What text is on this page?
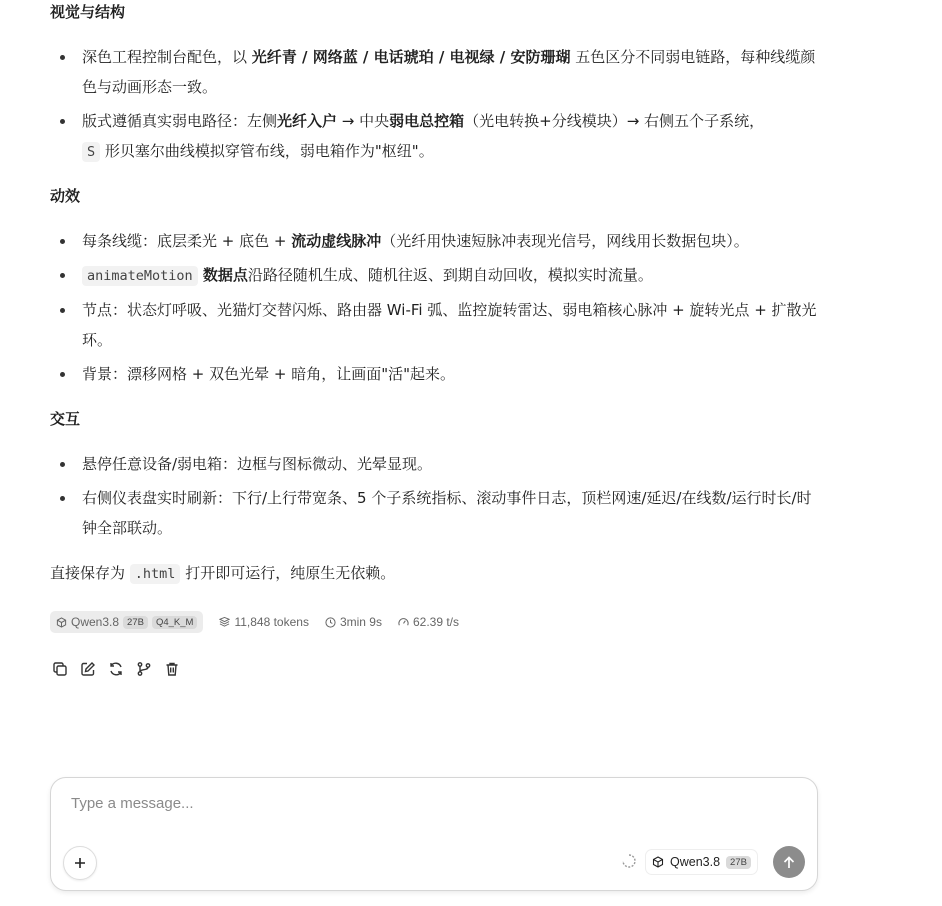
视觉与结构
深色工程控制台配色，以 光纤青 / 网络蓝 / 电话琥珀 / 电视绿 / 安防珊瑚 五色区分不同弱电链路，每种线缆颜色与动画形态一致。
版式遵循真实弱电路径：左侧光纤入户 → 中央弱电总控箱（光电转换+分线模块）→ 右侧五个子系统，
S 形贝塞尔曲线模拟穿管布线，弱电箱作为"枢纽"。
动效
每条线缆：底层柔光 + 底色 + 流动虚线脉冲（光纤用快速短脉冲表现光信号，网线用长数据包块）。
animateMotion 数据点沿路径随机生成、随机往返、到期自动回收，模拟实时流量。
节点：状态灯呼吸、光猫灯交替闪烁、路由器 Wi-Fi 弧、监控旋转雷达、弱电箱核心脉冲 + 旋转光点 + 扩散光环。
背景：漂移网格 + 双色光晕 + 暗角，让画面"活"起来。
交互
悬停任意设备/弱电箱：边框与图标微动、光晕显现。
右侧仪表盘实时刷新：下行/上行带宽条、5 个子系统指标、滚动事件日志，顶栏网速/延迟/在线数/运行时长/时钟全部联动。

直接保存为 .html 打开即可运行，纯原生无依赖。

Qwen3.8 27B	Q4_K_M	11,848 tokens	3min 9s	62.39 t/s
Type a message...
Qwen3.8	27B
